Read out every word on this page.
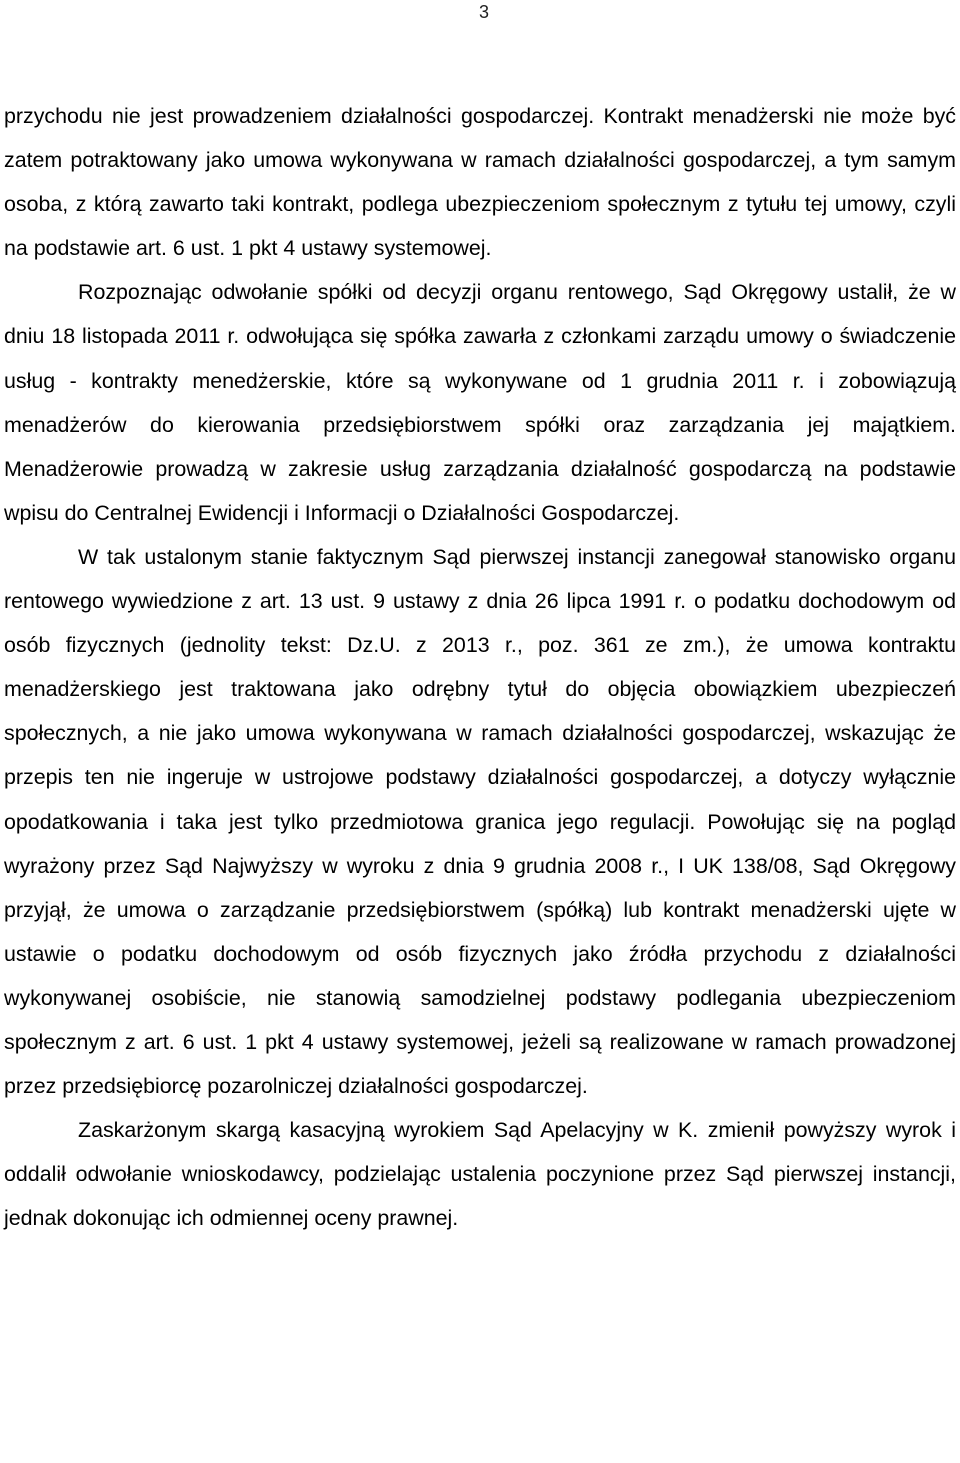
3

przychodu nie jest prowadzeniem działalności gospodarczej. Kontrakt menadżerski nie może być zatem potraktowany jako umowa wykonywana w ramach działalności gospodarczej, a tym samym osoba, z którą zawarto taki kontrakt, podlega ubezpieczeniom społecznym z tytułu tej umowy, czyli na podstawie art. 6 ust. 1 pkt 4 ustawy systemowej.

Rozpoznając odwołanie spółki od decyzji organu rentowego, Sąd Okręgowy ustalił, że w dniu 18 listopada 2011 r. odwołująca się spółka zawarła z członkami zarządu umowy o świadczenie usług - kontrakty menedżerskie, które są wykonywane od 1 grudnia 2011 r. i zobowiązują menadżerów do kierowania przedsiębiorstwem spółki oraz zarządzania jej majątkiem. Menadżerowie prowadzą w zakresie usług zarządzania działalność gospodarczą na podstawie wpisu do Centralnej Ewidencji i Informacji o Działalności Gospodarczej.

W tak ustalonym stanie faktycznym Sąd pierwszej instancji zanegował stanowisko organu rentowego wywiedzione z art. 13 ust. 9 ustawy z dnia 26 lipca 1991 r. o podatku dochodowym od osób fizycznych (jednolity tekst: Dz.U. z 2013 r., poz. 361 ze zm.), że umowa kontraktu menadżerskiego jest traktowana jako odrębny tytuł do objęcia obowiązkiem ubezpieczeń społecznych, a nie jako umowa wykonywana w ramach działalności gospodarczej, wskazując że przepis ten nie ingeruje w ustrojowe podstawy działalności gospodarczej, a dotyczy wyłącznie opodatkowania i taka jest tylko przedmiotowa granica jego regulacji. Powołując się na pogląd wyrażony przez Sąd Najwyższy w wyroku z dnia 9 grudnia 2008 r., I UK 138/08, Sąd Okręgowy przyjął, że umowa o zarządzanie przedsiębiorstwem (spółką) lub kontrakt menadżerski ujęte w ustawie o podatku dochodowym od osób fizycznych jako źródła przychodu z działalności wykonywanej osobiście, nie stanowią samodzielnej podstawy podlegania ubezpieczeniom społecznym z art. 6 ust. 1 pkt 4 ustawy systemowej, jeżeli są realizowane w ramach prowadzonej przez przedsiębiorcę pozarolniczej działalności gospodarczej.

Zaskarżonym skargą kasacyjną wyrokiem Sąd Apelacyjny w K. zmienił powyższy wyrok i oddalił odwołanie wnioskodawcy, podzielając ustalenia poczynione przez Sąd pierwszej instancji, jednak dokonując ich odmiennej oceny prawnej.
